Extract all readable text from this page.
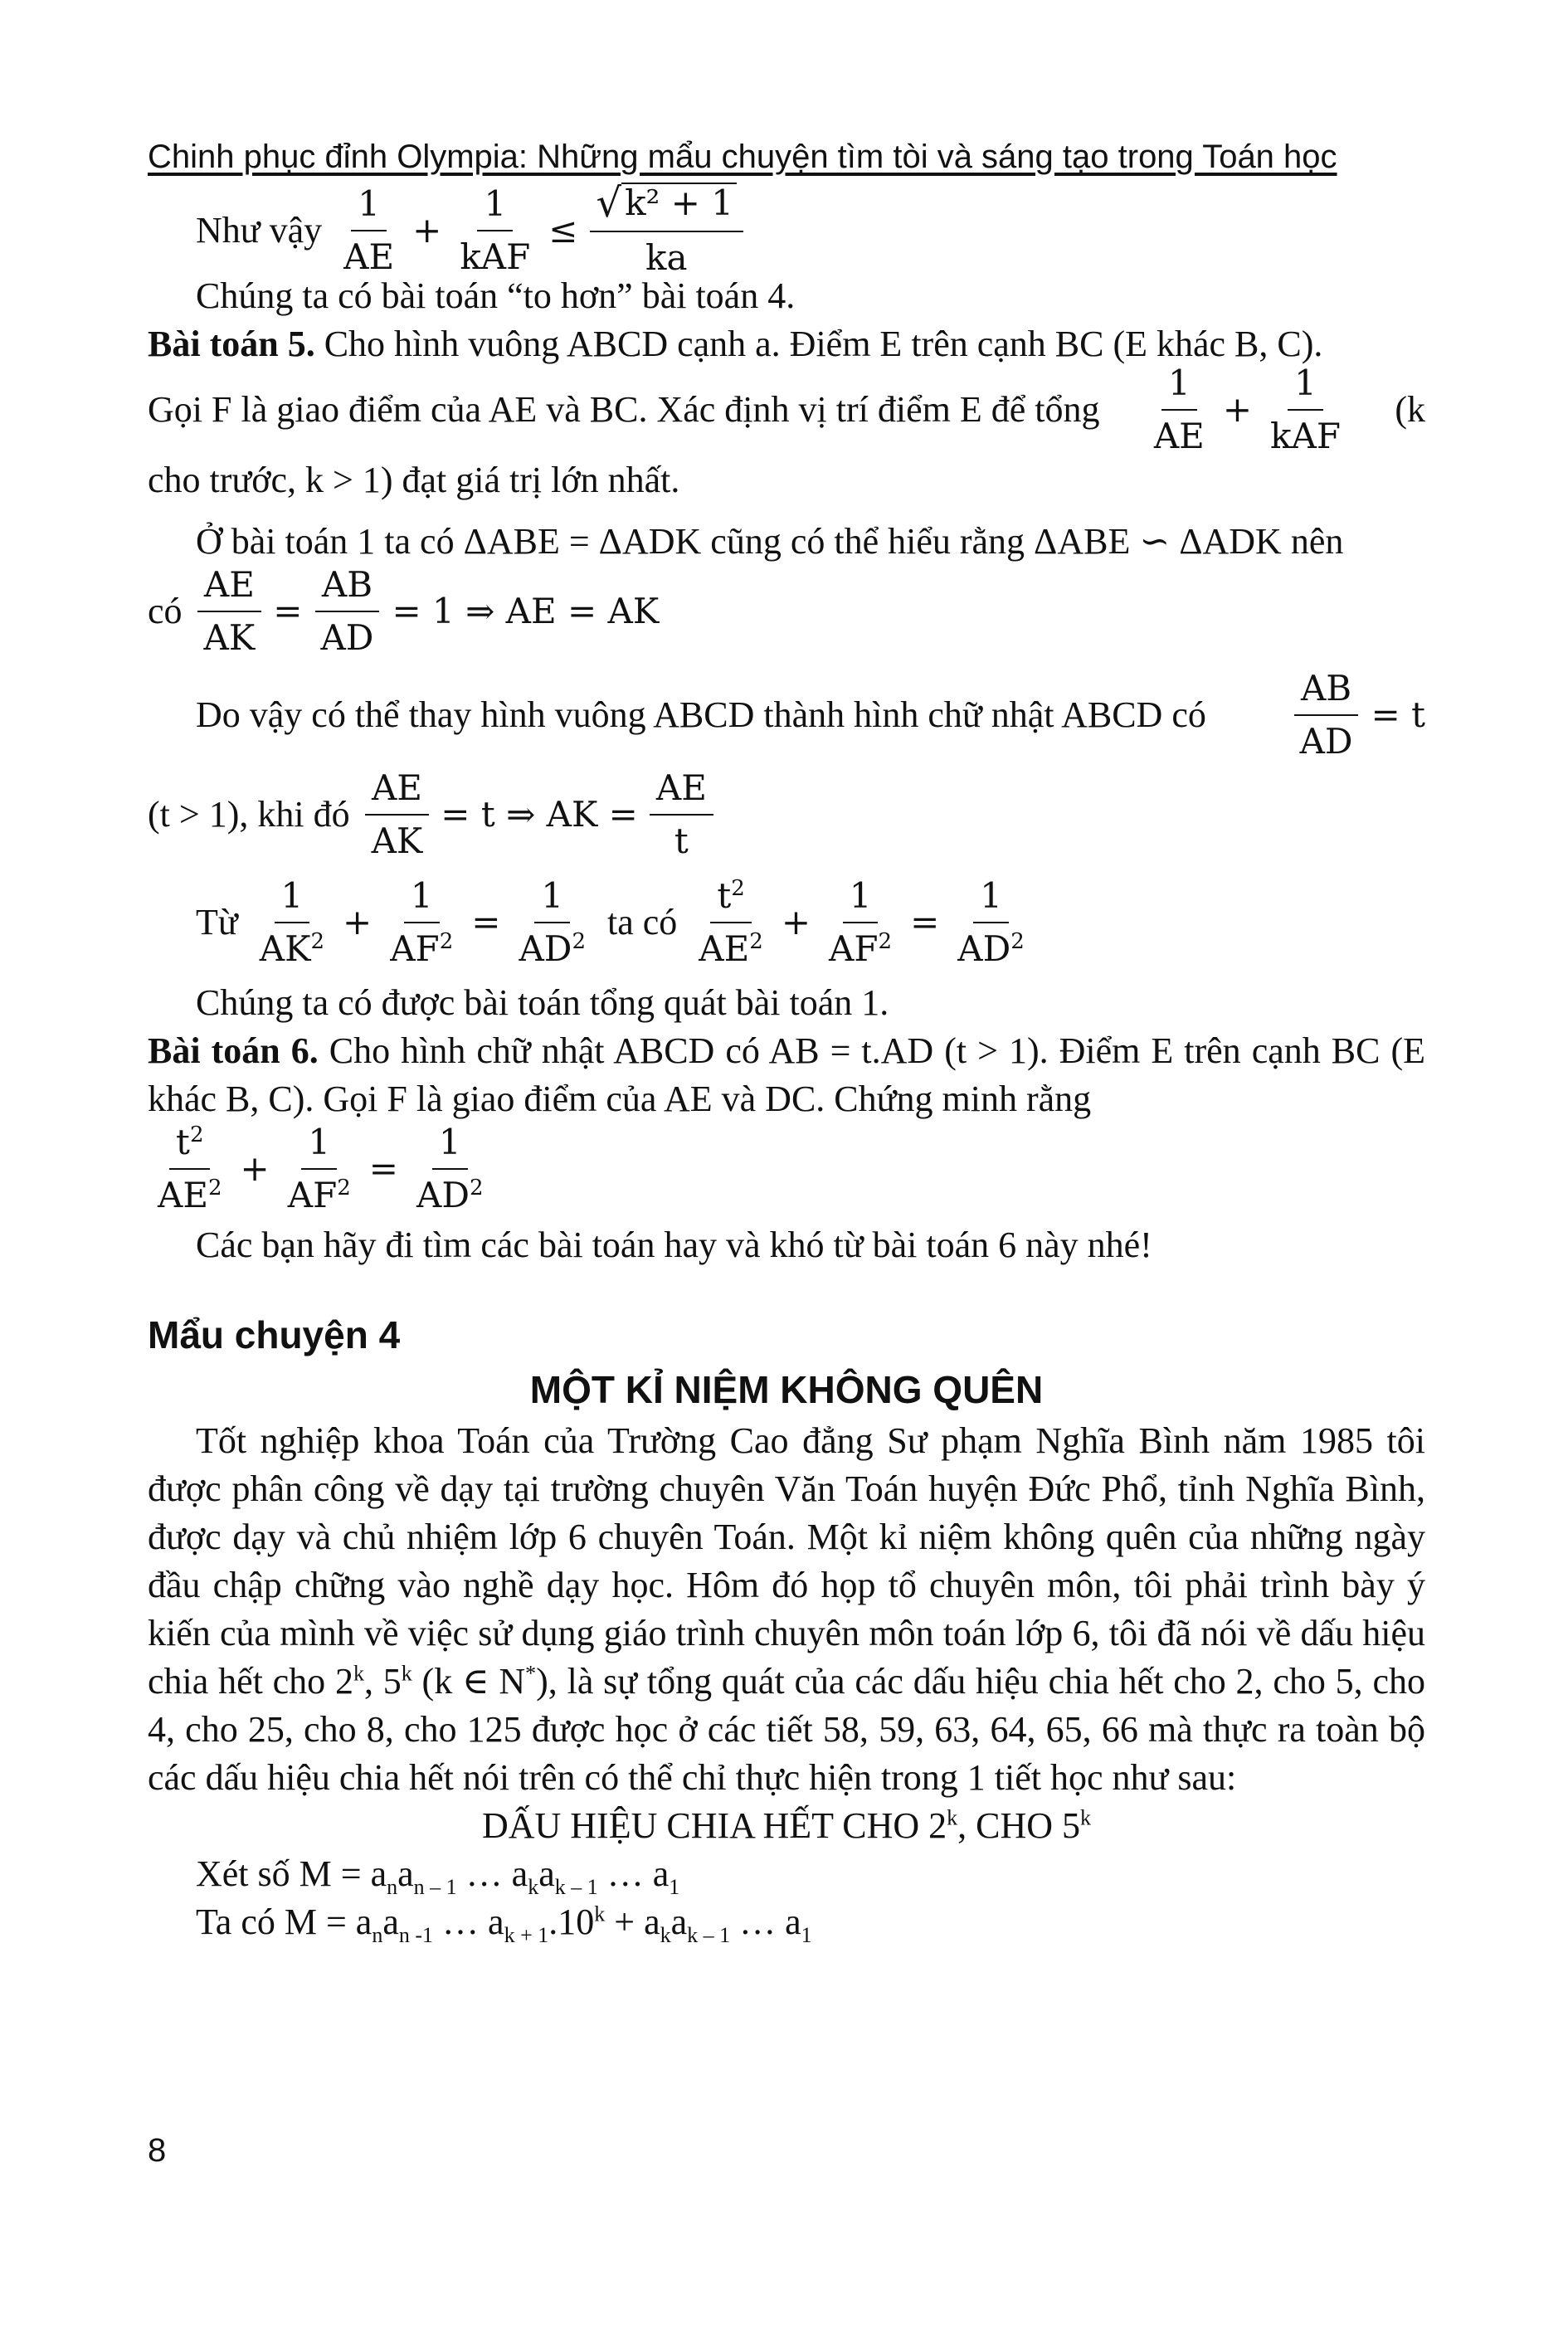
Chinh phục đỉnh Olympia: Những mẩu chuyện tìm tòi và sáng tạo trong Toán học
Như vậy $\frac{1}{AE} + \frac{1}{\text{kAF}} \le \frac{\text{√ k² + 1}}{ka}$

Chúng ta có bài toán “to hơn” bài toán 4.

Bài toán 5. Cho hình vuông ABCD cạnh a. Điểm E trên cạnh BC (E khác B, C).

Gọi F là giao điểm của AE và BC. Xác định vị trí điểm E để tổng $\frac{1}{AE} + \frac{1}{\text{kAF}} (k$

cho trước, k > 1) đạt giá trị lớn nhất.

Ở bài toán 1 ta có ΔABE = ΔADK cũng có thể hiểu rằng ΔABE ∽ ΔADK nên

có $\frac{AE}{AK} = \frac{AB}{AD} = 1$ ⇒ AE = AK
Do vậy có thể thay hình vuông ABCD thành hình chữ nhật ABCD có $\frac{AB}{AD} = t$
(t > 1), khi đó $\frac{AE}{AK} = t$ ⇒ AK = $\frac{AE}{t}$
Từ $\frac{1}{AK^2} + \frac{1}{AF^2} = \frac{1}{AD^2}$ ta có $\frac{t^2}{AE^2} + \frac{1}{AF^2} = \frac{1}{AD^2}$

Chúng ta có được bài toán tổng quát bài toán 1.

Bài toán 6. Cho hình chữ nhật ABCD có AB = t.AD (t > 1). Điểm E trên cạnh BC (E khác B, C). Gọi F là giao điểm của AE và DC. Chứng minh rằng

$\frac{t^2}{AE^2} + \frac{1}{AF^2} = \frac{1}{AD^2}$

Các bạn hãy đi tìm các bài toán hay và khó từ bài toán 6 này nhé!

Mẩu chuyện 4
MỘT KỈ NIỆM KHÔNG QUÊN

Tốt nghiệp khoa Toán của Trường Cao đẳng Sư phạm Nghĩa Bình năm 1985 tôi được phân công về dạy tại trường chuyên Văn Toán huyện Đức Phổ, tỉnh Nghĩa Bình, được dạy và chủ nhiệm lớp 6 chuyên Toán. Một kỉ niệm không quên của những ngày đầu chập chững vào nghề dạy học. Hôm đó họp tổ chuyên môn, tôi phải trình bày ý kiến của mình về việc sử dụng giáo trình chuyên môn toán lớp 6, tôi đã nói về dấu hiệu chia hết cho 2$^k$, 5$^k$ (k ∈ N*), là sự tổng quát của các dấu hiệu chia hết cho 2, cho 5, cho 4, cho 25, cho 8, cho 125 được học ở các tiết 58, 59, 63, 64, 65, 66 mà thực ra toàn bộ các dấu hiệu chia hết nói trên có thể chỉ thực hiện trong 1 tiết học như sau:

DẤU HIỆU CHIA HẾT CHO 2$^k$, CHO 5$^k$

Xét số $M = a_na_{n - 1}$ … $a_ka_{k - 1}$ … $a_1$

Ta có $M = a_na_{n -1}$ … $a_{k + 1}.10^k + a_ka_{k - 1}$ … $a_1$

8
